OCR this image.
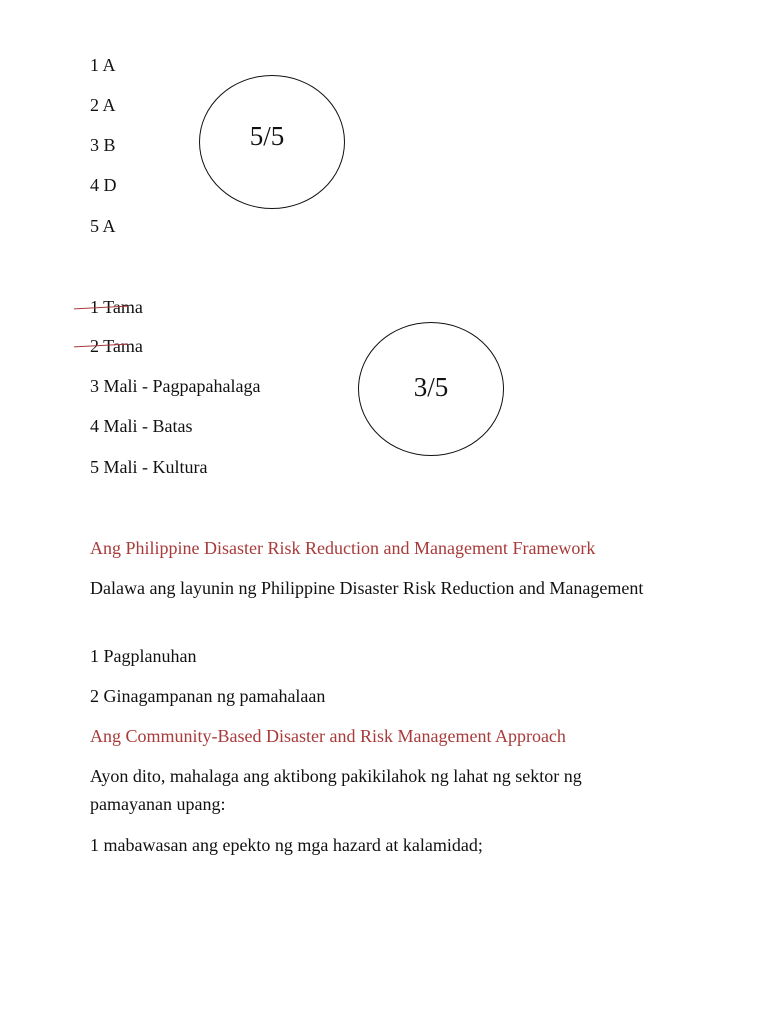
1 A
2 A
3 B
4 D
5 A
5/5
1 Tama
2 Tama
3 Mali - Pagpapahalaga
4 Mali - Batas
5 Mali - Kultura
3/5
Ang Philippine Disaster Risk Reduction and Management Framework
Dalawa ang layunin ng Philippine Disaster Risk Reduction and Management
1 Pagplanuhan
2 Ginagampanan ng pamahalaan
Ang Community-Based Disaster and Risk Management Approach
Ayon dito, mahalaga ang aktibong pakikilahok ng lahat ng sektor ng pamayanan upang:
1 mabawasan ang epekto ng mga hazard at kalamidad;
